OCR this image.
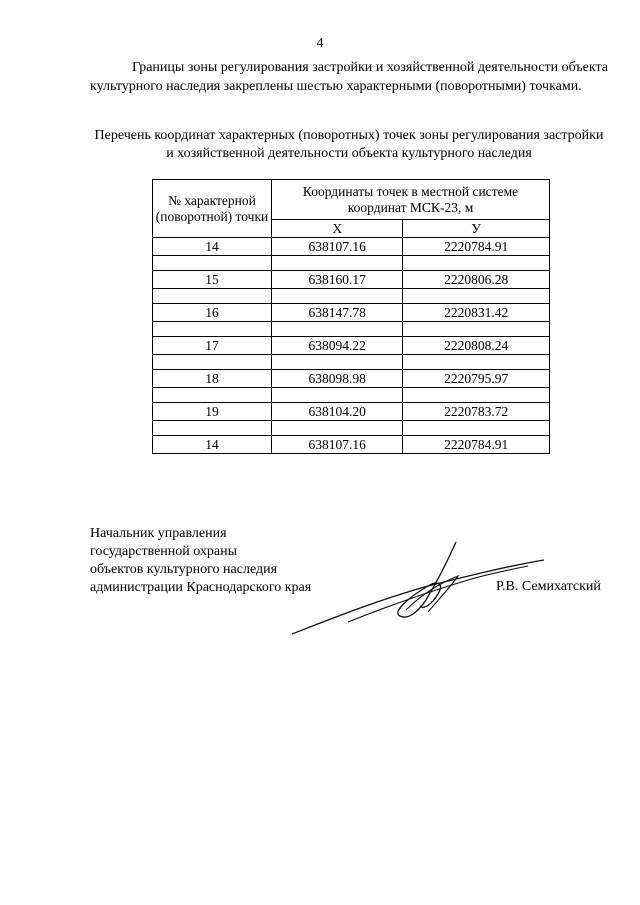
4

Границы зоны регулирования застройки и хозяйственной деятельности объекта культурного наследия закреплены шестью характерными (поворотными) точками.

Перечень координат характерных (поворотных) точек зоны регулирования застройки и хозяйственной деятельности объекта культурного наследия
№ характерной (поворотной) точки	Координаты точек в местной системе координат МСК-23, м	
	X	У
14	638107.16	2220784.91

15	638160.17	2220806.28

16	638147.78	2220831.42

17	638094.22	2220808.24

18	638098.98	2220795.97

19	638104.20	2220783.72

14	638107.16	2220784.91
Начальник управления
государственной охраны
объектов культурного наследия
администрации Краснодарского края	Р.В. Семихатский
